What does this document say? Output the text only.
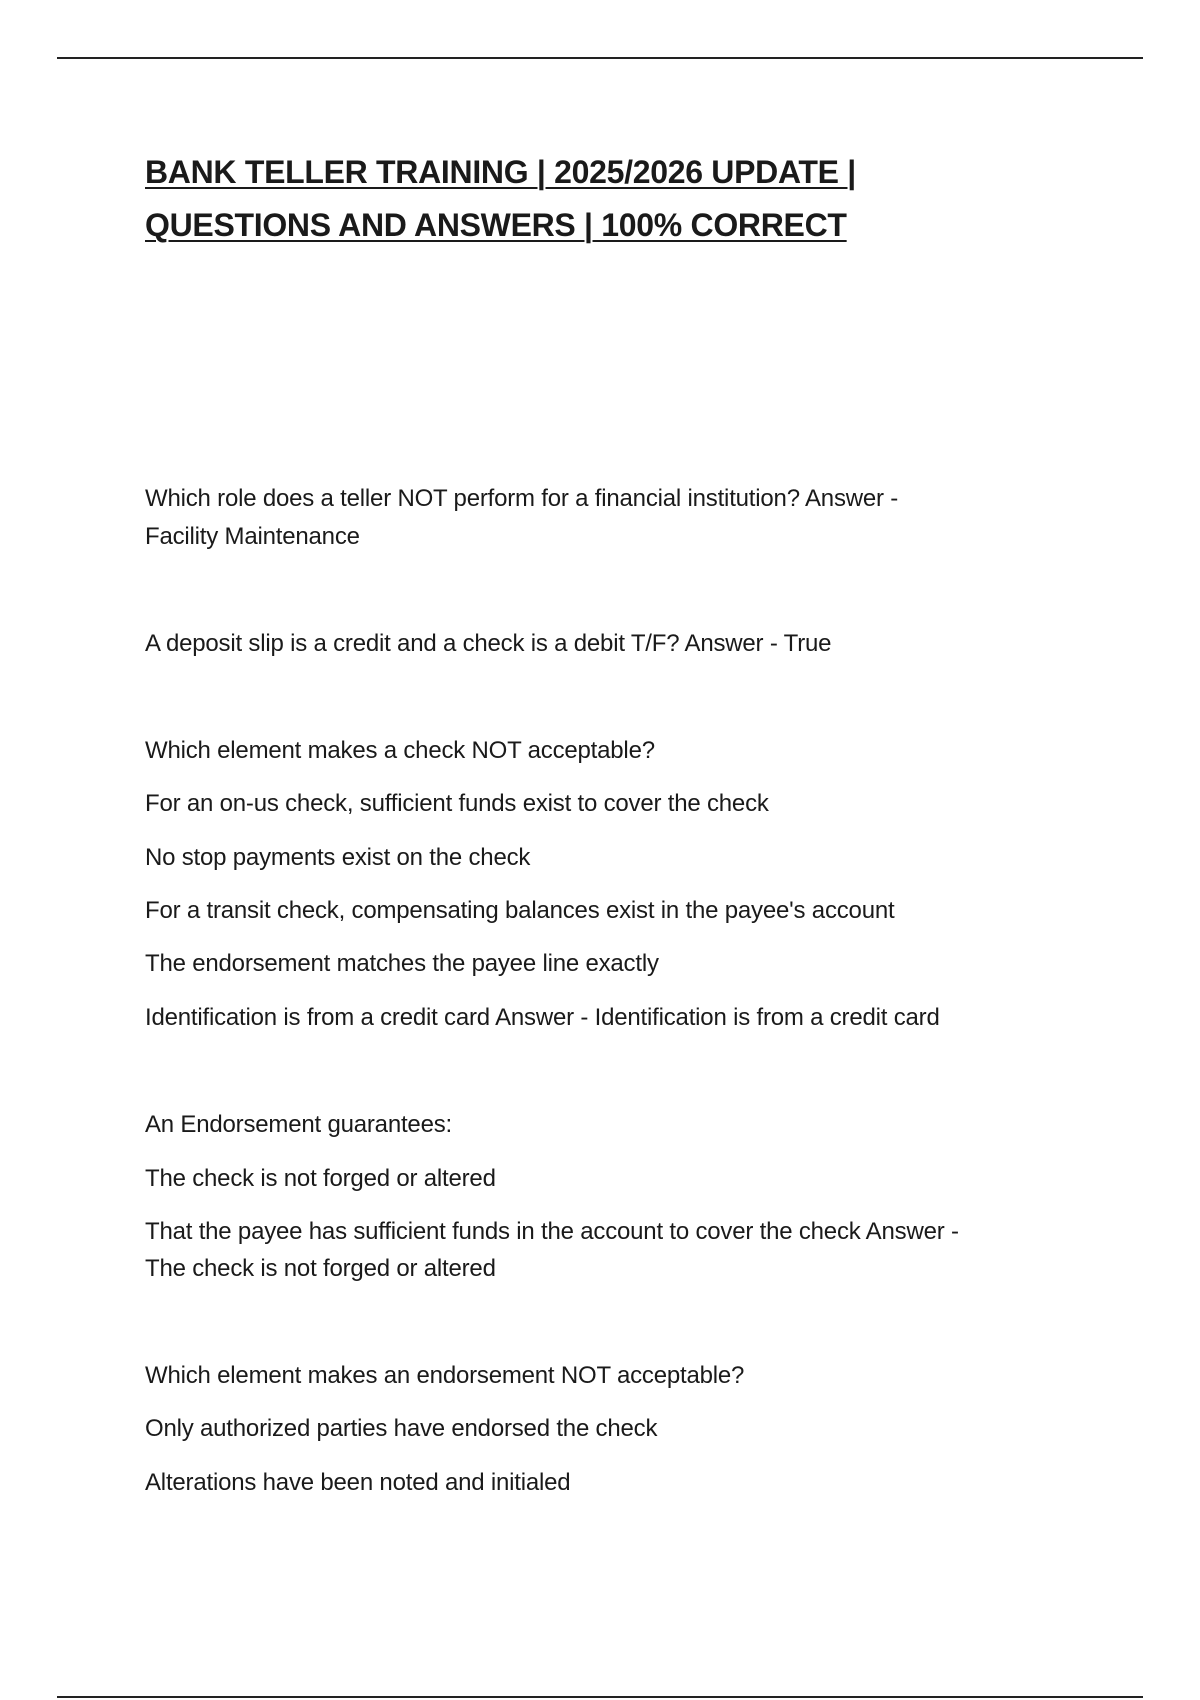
BANK TELLER TRAINING | 2025/2026 UPDATE |
QUESTIONS AND ANSWERS | 100% CORRECT
Which role does a teller NOT perform for a financial institution? Answer -
Facility Maintenance
A deposit slip is a credit and a check is a debit T/F? Answer - True
Which element makes a check NOT acceptable?
For an on-us check, sufficient funds exist to cover the check
No stop payments exist on the check
For a transit check, compensating balances exist in the payee's account
The endorsement matches the payee line exactly
Identification is from a credit card Answer - Identification is from a credit card
An Endorsement guarantees:
The check is not forged or altered
That the payee has sufficient funds in the account to cover the check Answer -
The check is not forged or altered
Which element makes an endorsement NOT acceptable?
Only authorized parties have endorsed the check
Alterations have been noted and initialed
